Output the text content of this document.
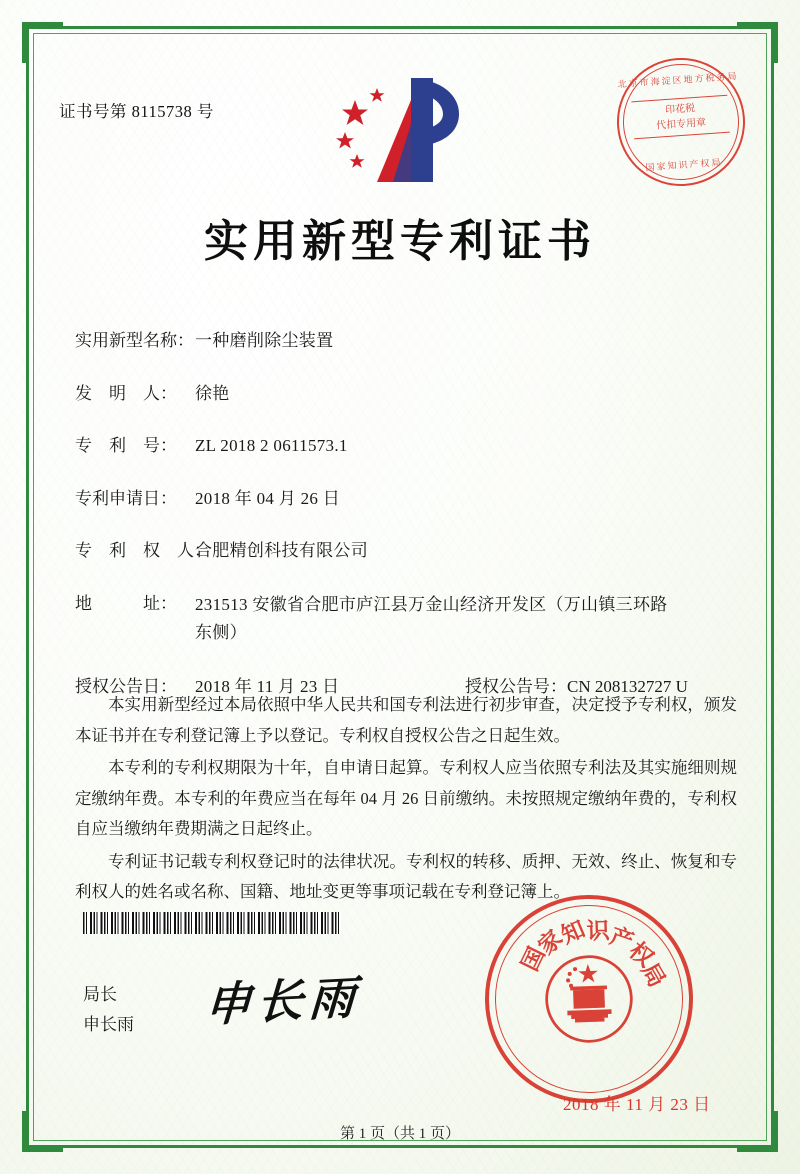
证书号第 8115738 号
北京市海淀区地方税务局
印花税
代扣专用章
国家知识产权局
实用新型专利证书
实用新型名称：一种磨削除尘装置
发　明　人： 徐艳
专　利　号： ZL 2018 2 0611573.1
专利申请日： 2018 年 04 月 26 日
专　利　权　人：合肥精创科技有限公司
地　　　址： 231513 安徽省合肥市庐江县万金山经济开发区（万山镇三环路东侧）
授权公告日： 2018 年 11 月 23 日	授权公告号：CN 208132727 U

本实用新型经过本局依照中华人民共和国专利法进行初步审查，决定授予专利权，颁发本证书并在专利登记簿上予以登记。专利权自授权公告之日起生效。

本专利的专利权期限为十年，自申请日起算。专利权人应当依照专利法及其实施细则规定缴纳年费。本专利的年费应当在每年 04 月 26 日前缴纳。未按照规定缴纳年费的，专利权自应当缴纳年费期满之日起终止。

专利证书记载专利权登记时的法律状况。专利权的转移、质押、无效、终止、恢复和专利权人的姓名或名称、国籍、地址变更等事项记载在专利登记簿上。

局长
申长雨 申长雨
国
家
知
识
产
权
局
2018 年 11 月 23 日
第 1 页（共 1 页）
